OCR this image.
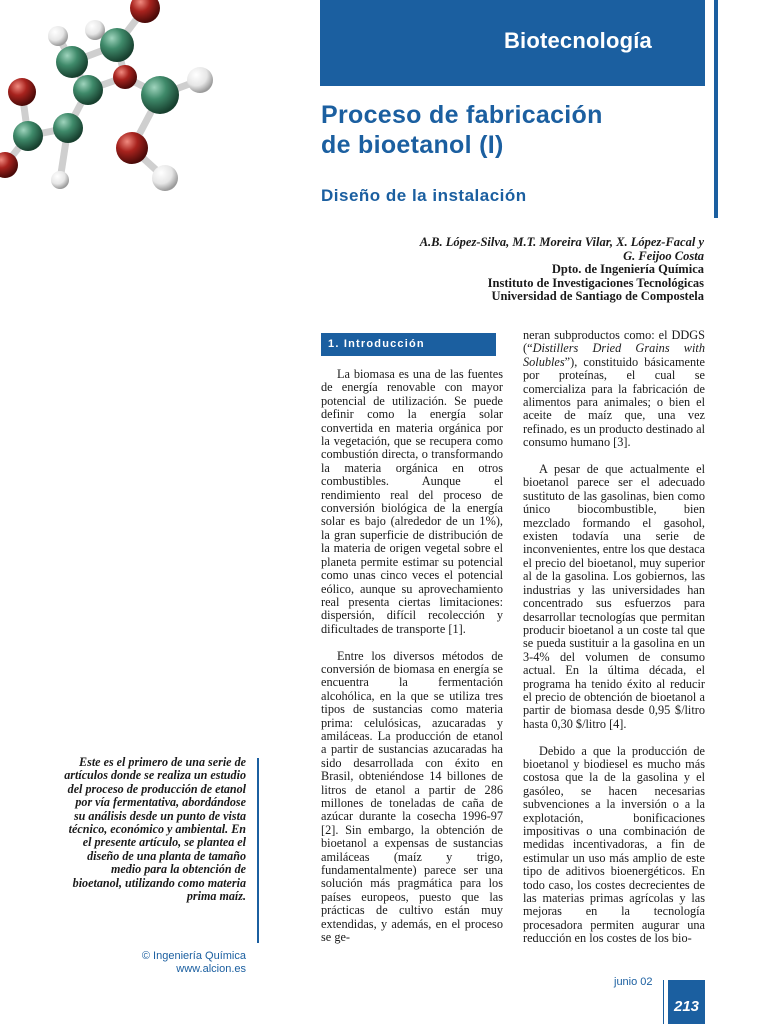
Biotecnología
Proceso de fabricación
de bioetanol (I)
Diseño de la instalación
A.B. López-Silva, M.T. Moreira Vilar, X. López-Facal y
G. Feijoo Costa
Dpto. de Ingeniería Química
Instituto de Investigaciones Tecnológicas
Universidad de Santiago de Compostela
1. Introducción

La biomasa es una de las fuentes de energía renovable con mayor potencial de utilización. Se puede definir como la energía solar convertida en materia orgánica por la vegetación, que se recupera como combustión directa, o transformando la materia orgánica en otros combustibles. Aunque el rendimiento real del proceso de conversión biológica de la energía solar es bajo (alrededor de un 1%), la gran superficie de distribución de la materia de origen vegetal sobre el planeta permite estimar su potencial como unas cinco veces el potencial eólico, aunque su aprovechamiento real presenta ciertas limitaciones: dispersión, difícil recolección y dificultades de transporte [1].

Entre los diversos métodos de conversión de biomasa en energía se encuentra la fermentación alcohólica, en la que se utiliza tres tipos de sustancias como materia prima: celulósicas, azucaradas y amiláceas. La producción de etanol a partir de sustancias azucaradas ha sido desarrollada con éxito en Brasil, obteniéndose 14 billones de litros de etanol a partir de 286 millones de toneladas de caña de azúcar durante la cosecha 1996-97 [2]. Sin embargo, la obtención de bioetanol a expensas de sustancias amiláceas (maíz y trigo, fundamentalmente) parece ser una solución más pragmática para los países europeos, puesto que las prácticas de cultivo están muy extendidas, y además, en el proceso se ge-

neran subproductos como: el DDGS (“Distillers Dried Grains with Solubles”), constituido básicamente por proteínas, el cual se comercializa para la fabricación de alimentos para animales; o bien el aceite de maíz que, una vez refinado, es un producto destinado al consumo humano [3].

A pesar de que actualmente el bioetanol parece ser el adecuado sustituto de las gasolinas, bien como único biocombustible, bien mezclado formando el gasohol, existen todavía una serie de inconvenientes, entre los que destaca el precio del bioetanol, muy superior al de la gasolina. Los gobiernos, las industrias y las universidades han concentrado sus esfuerzos para desarrollar tecnologías que permitan producir bioetanol a un coste tal que se pueda sustituir a la gasolina en un 3-4% del volumen de consumo actual. En la última década, el programa ha tenido éxito al reducir el precio de obtención de bioetanol a partir de biomasa desde 0,95 $/litro hasta 0,30 $/litro [4].

Debido a que la producción de bioetanol y biodiesel es mucho más costosa que la de la gasolina y el gasóleo, se hacen necesarias subvenciones a la inversión o a la explotación, bonificaciones impositivas o una combinación de medidas incentivadoras, a fin de estimular un uso más amplio de este tipo de aditivos bioenergéticos. En todo caso, los costes decrecientes de las materias primas agrícolas y las mejoras en la tecnología procesadora permiten augurar una reducción en los costes de los bio-

Este es el primero de una serie de artículos donde se realiza un estudio del proceso de producción de etanol por vía fermentativa, abordándose su análisis desde un punto de vista técnico, económico y ambiental. En el presente artículo, se plantea el diseño de una planta de tamaño medio para la obtención de bioetanol, utilizando como materia prima maíz.
© Ingeniería Química
www.alcion.es
junio 02
213
